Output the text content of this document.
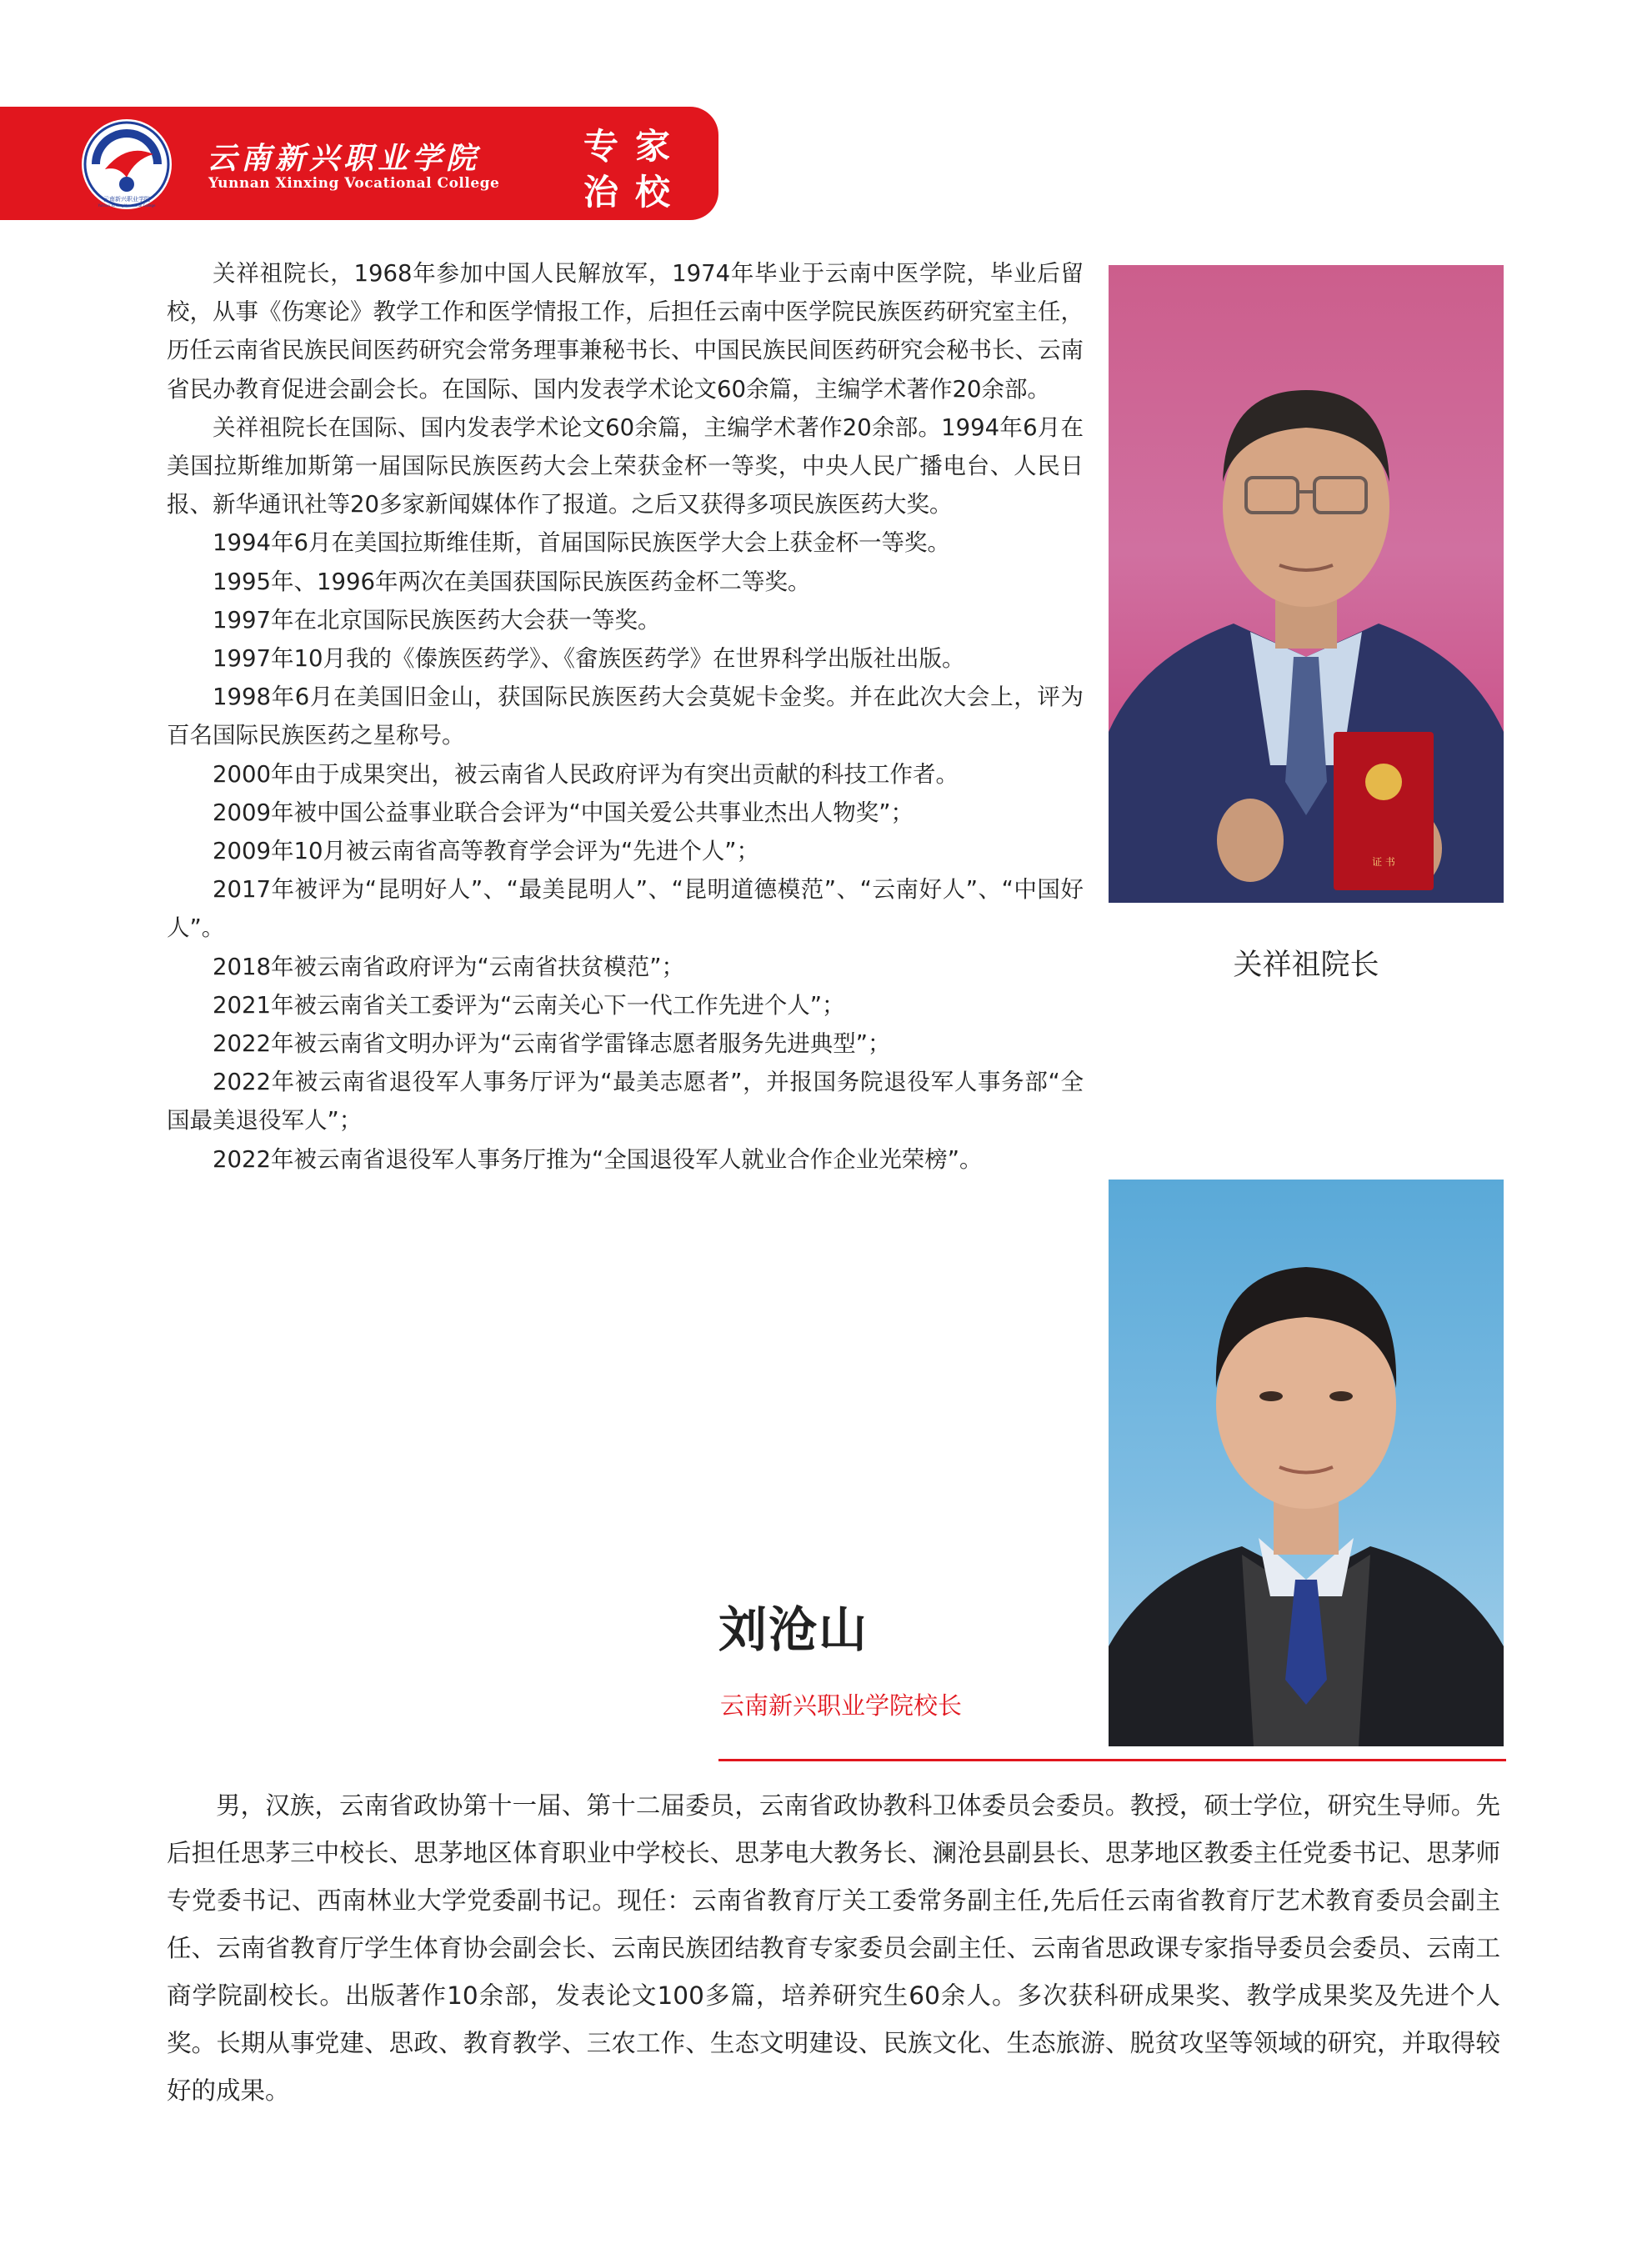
云南新兴职业学院
Yunnan Xinxing Vocational College
云南新兴职业学院
Yunnan Xinxing Vocational College
专家
治校

关祥祖院长，1968年参加中国人民解放军，1974年毕业于云南中医学院，毕业后留校，从事《伤寒论》教学工作和医学情报工作，后担任云南中医学院民族医药研究室主任，历任云南省民族民间医药研究会常务理事兼秘书长、中国民族民间医药研究会秘书长、云南省民办教育促进会副会长。在国际、国内发表学术论文60余篇，主编学术著作20余部。

关祥祖院长在国际、国内发表学术论文60余篇，主编学术著作20余部。1994年6月在美国拉斯维加斯第一届国际民族医药大会上荣获金杯一等奖，中央人民广播电台、人民日报、新华通讯社等20多家新闻媒体作了报道。之后又获得多项民族医药大奖。

1994年6月在美国拉斯维佳斯，首届国际民族医学大会上获金杯一等奖。

1995年、1996年两次在美国获国际民族医药金杯二等奖。

1997年在北京国际民族医药大会获一等奖。

1997年10月我的《傣族医药学》、《畲族医药学》在世界科学出版社出版。

1998年6月在美国旧金山，获国际民族医药大会莫妮卡金奖。并在此次大会上，评为百名国际民族医药之星称号。

2000年由于成果突出，被云南省人民政府评为有突出贡献的科技工作者。

2009年被中国公益事业联合会评为“中国关爱公共事业杰出人物奖”；

2009年10月被云南省高等教育学会评为“先进个人”；

2017年被评为“昆明好人”、“最美昆明人”、“昆明道德模范”、“云南好人”、“中国好人”。

2018年被云南省政府评为“云南省扶贫模范”；

2021年被云南省关工委评为“云南关心下一代工作先进个人”；

2022年被云南省文明办评为“云南省学雷锋志愿者服务先进典型”；

2022年被云南省退役军人事务厅评为“最美志愿者”，并报国务院退役军人事务部“全国最美退役军人”；

2022年被云南省退役军人事务厅推为“全国退役军人就业合作企业光荣榜”。

证 书
关祥祖院长
刘沧山
云南新兴职业学院校长

男，汉族，云南省政协第十一届、第十二届委员，云南省政协教科卫体委员会委员。教授，硕士学位，研究生导师。先后担任思茅三中校长、思茅地区体育职业中学校长、思茅电大教务长、澜沧县副县长、思茅地区教委主任党委书记、思茅师专党委书记、西南林业大学党委副书记。现任：云南省教育厅关工委常务副主任,先后任云南省教育厅艺术教育委员会副主任、云南省教育厅学生体育协会副会长、云南民族团结教育专家委员会副主任、云南省思政课专家指导委员会委员、云南工商学院副校长。出版著作10余部，发表论文100多篇，培养研究生60余人。多次获科研成果奖、教学成果奖及先进个人奖。长期从事党建、思政、教育教学、三农工作、生态文明建设、民族文化、生态旅游、脱贫攻坚等领域的研究，并取得较好的成果。
